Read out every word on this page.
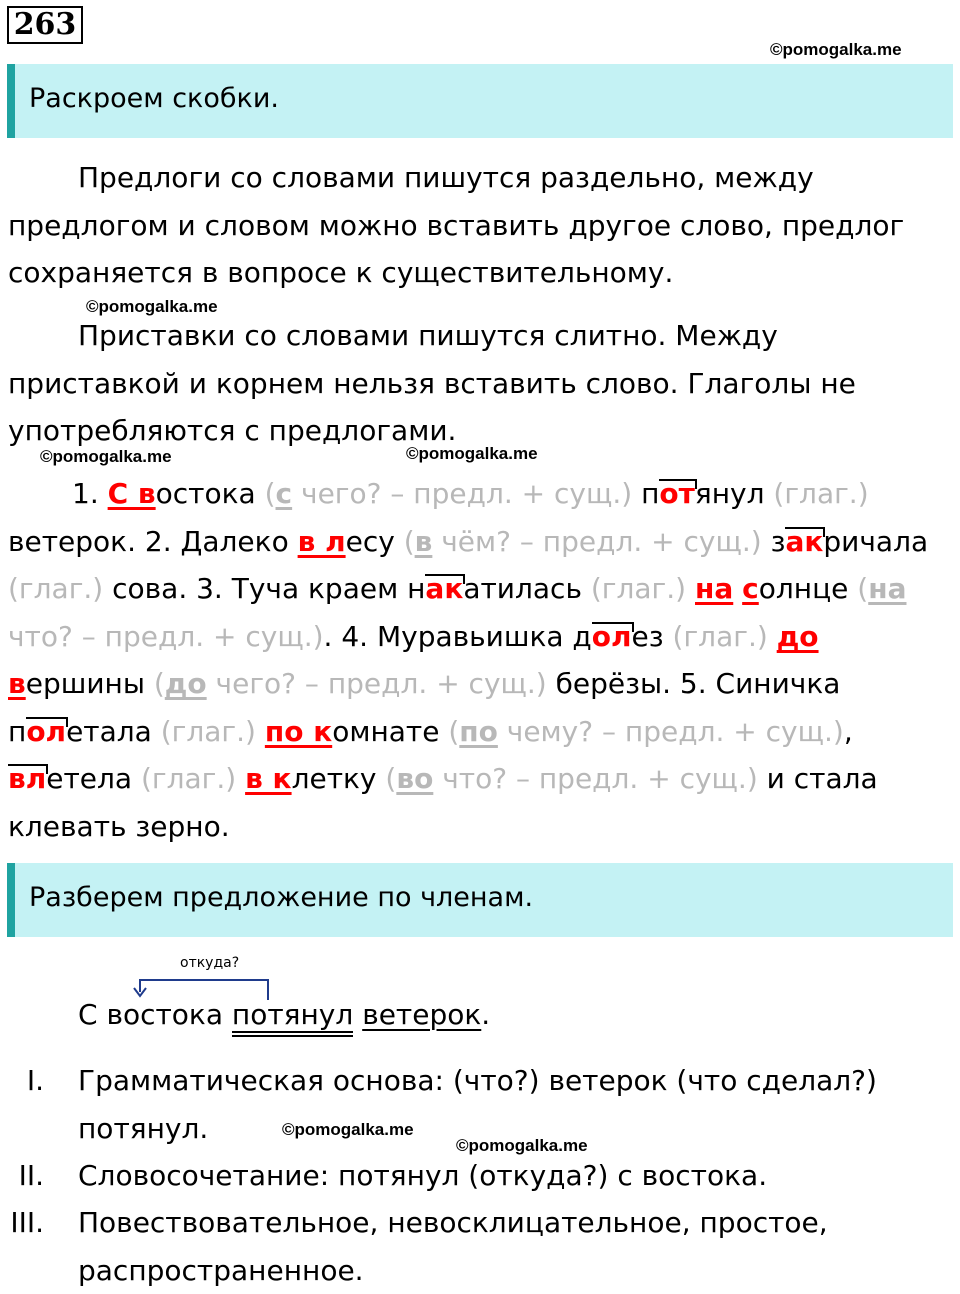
263
©pomogalka.me
Раскроем скобки.

Предлоги со словами пишутся раздельно, между предлогом и словом можно вставить другое слово, предлог сохраняется в вопросе к существительному.

©pomogalka.me

Приставки со словами пишутся слитно. Между приставкой и корнем нельзя вставить слово. Глаголы не употребляются с предлогами.

©pomogalka.me	©pomogalka.me

1. С востока (с чего? – предл. + сущ.) потянул (глаг.) ветерок. 2. Далеко в лесу (в чём? – предл. + сущ.) закричала (глаг.) сова. 3. Туча краем накатилась (глаг.) на солнце (на что? – предл. + сущ.). 4. Муравьишка долез (глаг.) до вершины (до чего? – предл. + сущ.) берёзы. 5. Синичка полетала (глаг.) по комнате (по чему? – предл. + сущ.), влетела (глаг.) в клетку (во что? – предл. + сущ.) и стала клевать зерно.

Разберем предложение по членам.
откуда?
С востока потянул ветерок.
I. Грамматическая основа: (что?) ветерок (что сделал?) потянул.	©pomogalka.me
©pomogalka.me
II. Словосочетание: потянул (откуда?) с востока.

III. Повествовательное, невосклицательное, простое, распространенное.
